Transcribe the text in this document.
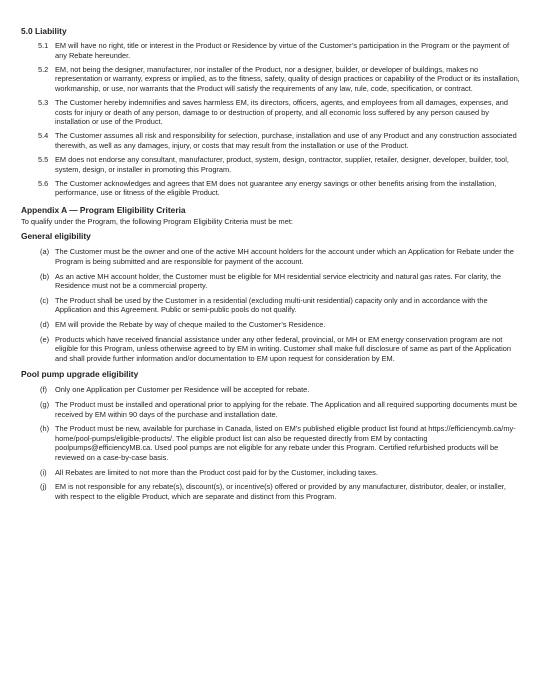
5.0 Liability
5.1 EM will have no right, title or interest in the Product or Residence by virtue of the Customer’s participation in the Program or the payment of any Rebate hereunder.

5.2 EM, not being the designer, manufacturer, nor installer of the Product, nor a designer, builder, or developer of buildings, makes no representation or warranty, express or implied, as to the fitness, safety, quality of design practices or capability of the Product or its installation, workmanship, or use, nor warrants that the Product will satisfy the requirements of any law, rule, code, specification, or contract.

5.3 The Customer hereby indemnifies and saves harmless EM, its directors, officers, agents, and employees from all damages, expenses, and costs for injury or death of any person, damage to or destruction of property, and all economic loss suffered by any person caused by installation or use of the Product.

5.4 The Customer assumes all risk and responsibility for selection, purchase, installation and use of any Product and any construction associated therewith, as well as any damages, injury, or costs that may result from the installation or use of the Product.

5.5 EM does not endorse any consultant, manufacturer, product, system, design, contractor, supplier, retailer, designer, developer, builder, tool, system, design, or installer in promoting this Program.

5.6 The Customer acknowledges and agrees that EM does not guarantee any energy savings or other benefits arising from the installation, performance, use or fitness of the eligible Product.

Appendix A — Program Eligibility Criteria

To qualify under the Program, the following Program Eligibility Criteria must be met:

General eligibility
(a) The Customer must be the owner and one of the active MH account holders for the account under which an Application for Rebate under the Program is being submitted and are responsible for payment of the account.

(b) As an active MH account holder, the Customer must be eligible for MH residential service electricity and natural gas rates. For clarity, the Residence must not be a commercial property.

(c) The Product shall be used by the Customer in a residential (excluding multi-unit residential) capacity only and in accordance with the Application and this Agreement. Public or semi-public pools do not qualify.

(d) EM will provide the Rebate by way of cheque mailed to the Customer’s Residence.

(e) Products which have received financial assistance under any other federal, provincial, or MH or EM energy conservation program are not eligible for this Program, unless otherwise agreed to by EM in writing. Customer shall make full disclosure of same as part of the Application and shall provide further information and/or documentation to EM upon request for consideration by EM.

Pool pump upgrade eligibility
(f) Only one Application per Customer per Residence will be accepted for rebate.

(g) The Product must be installed and operational prior to applying for the rebate. The Application and all required supporting documents must be received by EM within 90 days of the purchase and installation date.

(h) The Product must be new, available for purchase in Canada, listed on EM’s published eligible product list found at https://efficiencymb.ca/my-home/pool-pumps/eligible-products/. The eligible product list can also be requested directly from EM by contacting poolpumps@efficiencyMB.ca. Used pool pumps are not eligible for any rebate under this Program. Certified refurbished products will be reviewed on a case-by-case basis.

(i) All Rebates are limited to not more than the Product cost paid for by the Customer, including taxes.

(j) EM is not responsible for any rebate(s), discount(s), or incentive(s) offered or provided by any manufacturer, distributor, dealer, or installer, with respect to the eligible Product, which are separate and distinct from this Program.
